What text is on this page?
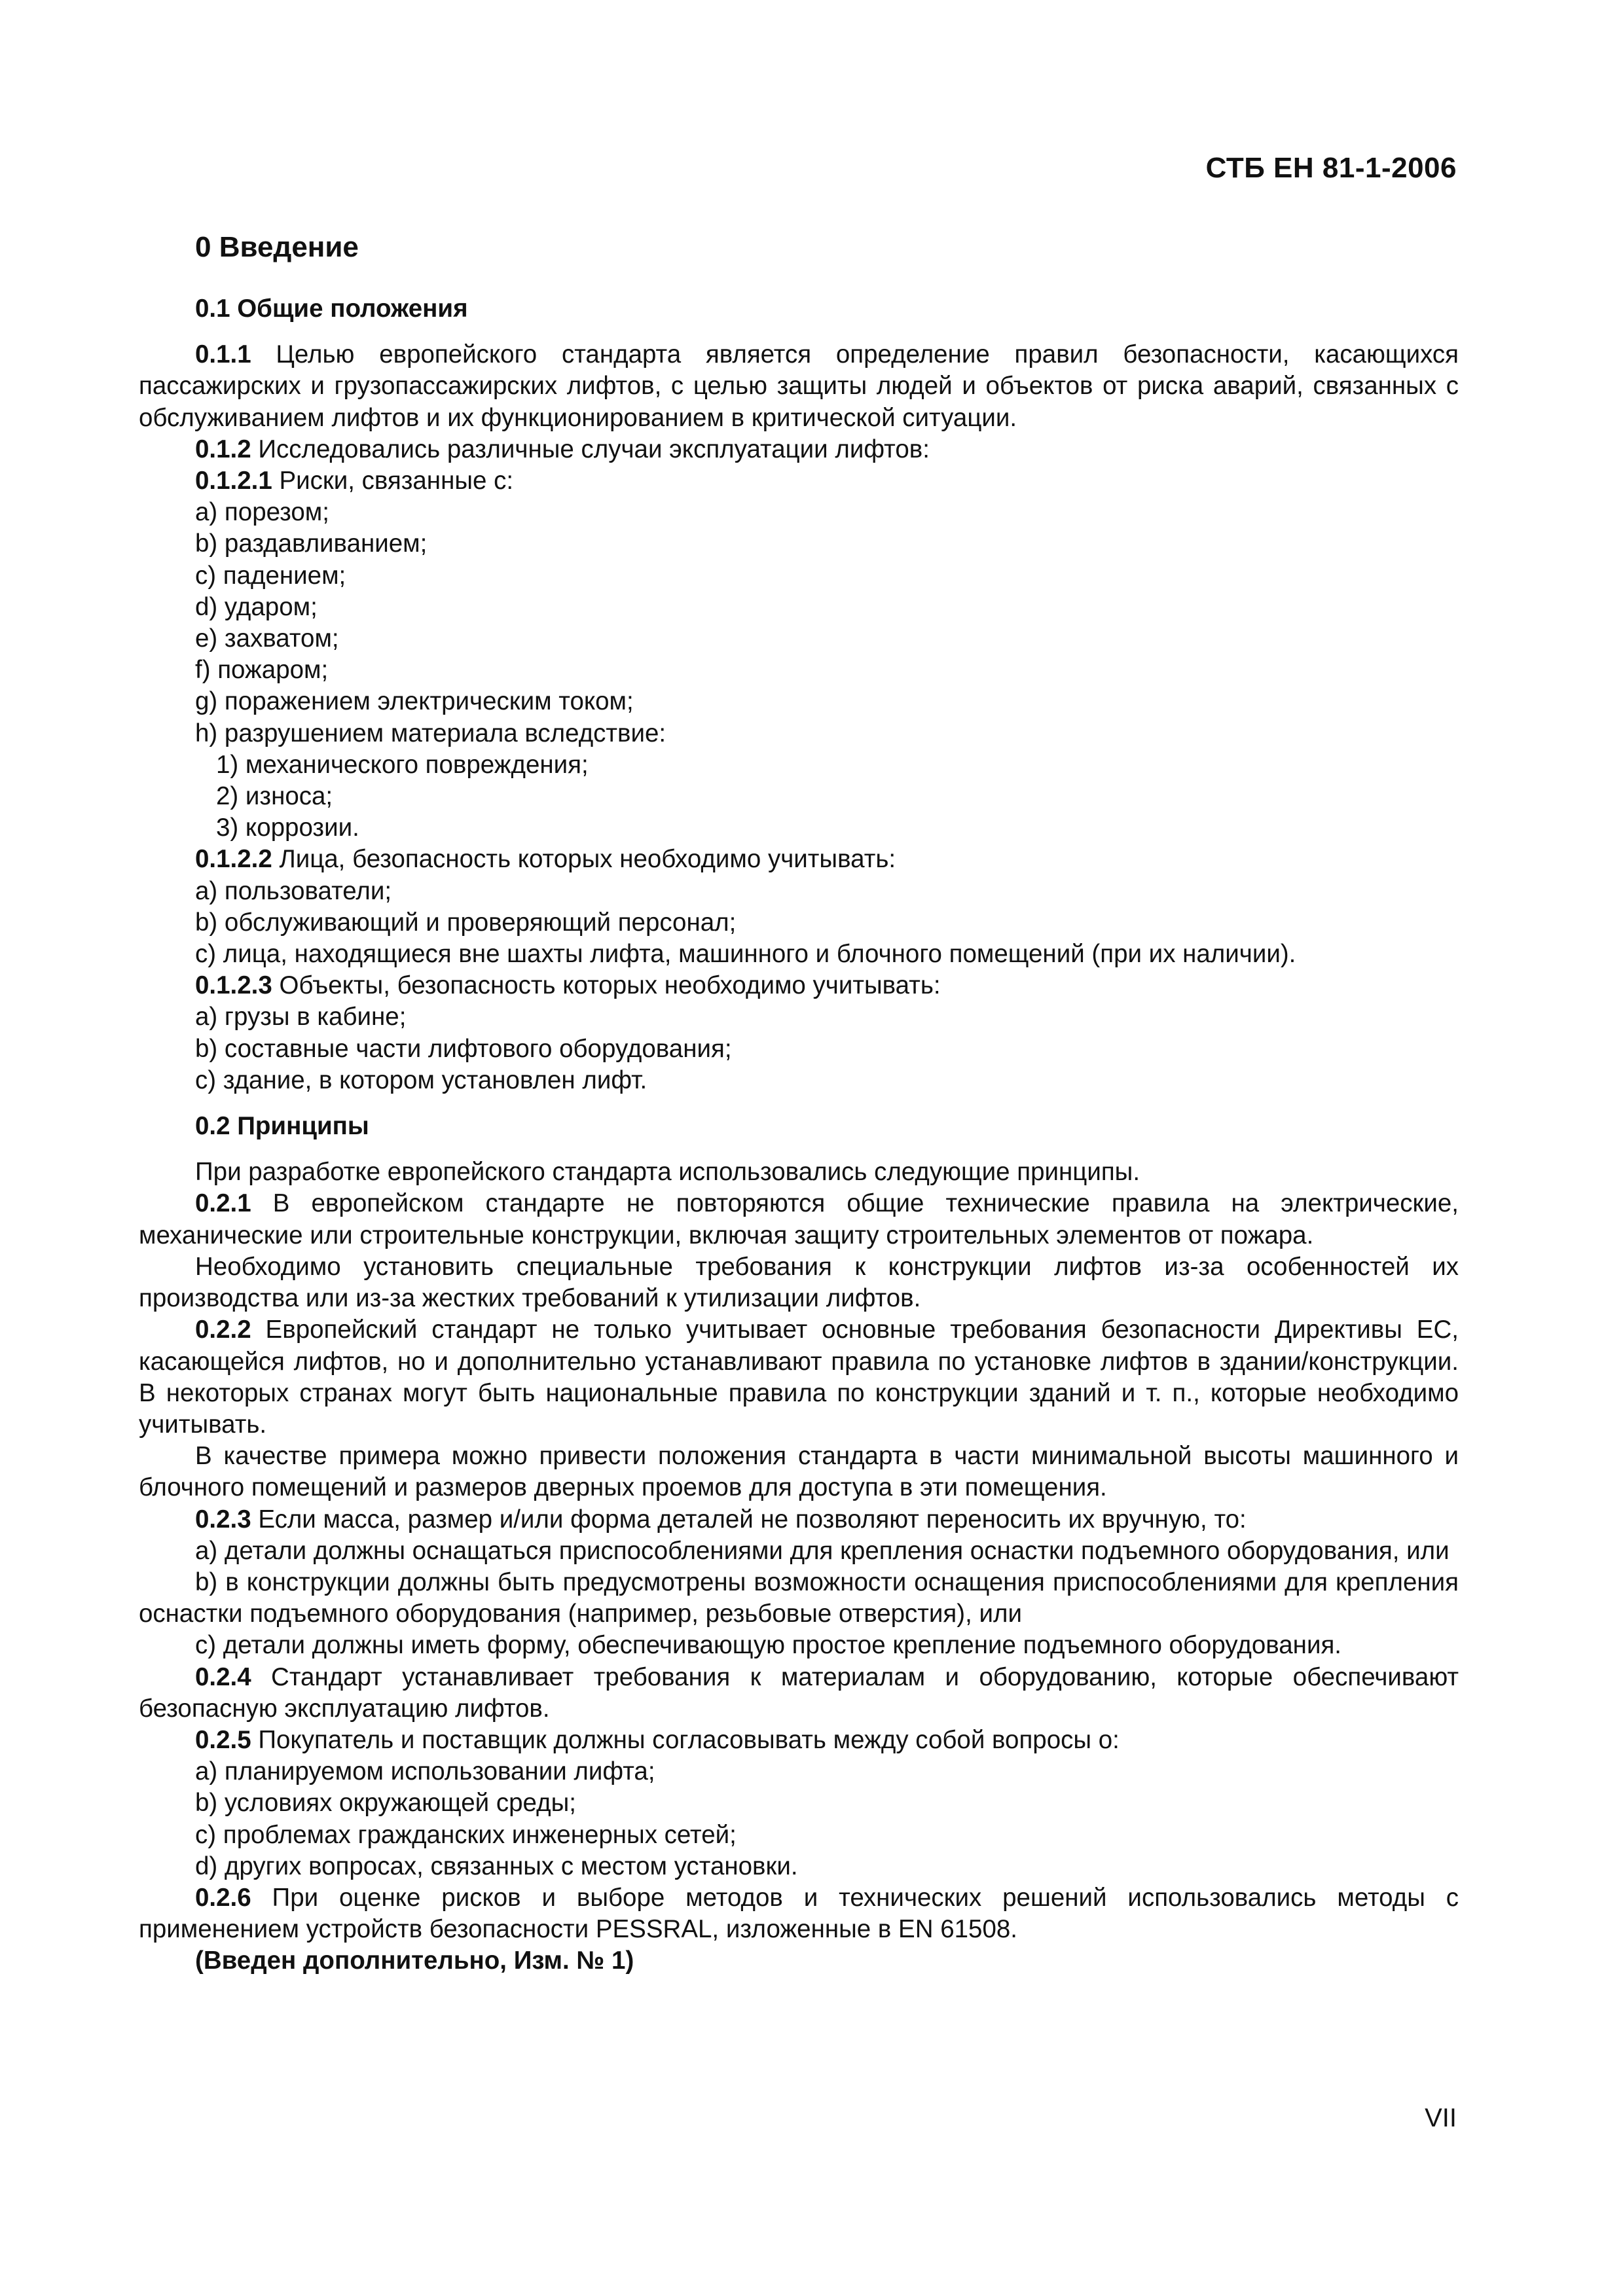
СТБ ЕН 81-1-2006
0 Введение
0.1 Общие положения

0.1.1 Целью европейского стандарта является определение правил безопасности, касающихся пассажирских и грузопассажирских лифтов, с целью защиты людей и объектов от риска аварий, связанных с обслуживанием лифтов и их функционированием в критической ситуации.

0.1.2 Исследовались различные случаи эксплуатации лифтов:

0.1.2.1 Риски, связанные с:

а) порезом;

b) раздавливанием;

с) падением;

d) ударом;

е) захватом;

f) пожаром;

g) поражением электрическим током;

h) разрушением материала вследствие:

1) механического повреждения;

2) износа;

3) коррозии.

0.1.2.2 Лица, безопасность которых необходимо учитывать:

а) пользователи;

b) обслуживающий и проверяющий персонал;

с) лица, находящиеся вне шахты лифта, машинного и блочного помещений (при их наличии).

0.1.2.3 Объекты, безопасность которых необходимо учитывать:

а) грузы в кабине;

b) составные части лифтового оборудования;

с) здание, в котором установлен лифт.

0.2 Принципы

При разработке европейского стандарта использовались следующие принципы.

0.2.1 В европейском стандарте не повторяются общие технические правила на электрические, механические или строительные конструкции, включая защиту строительных элементов от пожара.

Необходимо установить специальные требования к конструкции лифтов из-за особенностей их производства или из-за жестких требований к утилизации лифтов.

0.2.2 Европейский стандарт не только учитывает основные требования безопасности Директивы ЕС, касающейся лифтов, но и дополнительно устанавливают правила по установке лифтов в здании/конструкции. В некоторых странах могут быть национальные правила по конструкции зданий и т. п., которые необходимо учитывать.

В качестве примера можно привести положения стандарта в части минимальной высоты машинного и блочного помещений и размеров дверных проемов для доступа в эти помещения.

0.2.3 Если масса, размер и/или форма деталей не позволяют переносить их вручную, то:

а) детали должны оснащаться приспособлениями для крепления оснастки подъемного оборудования, или

b) в конструкции должны быть предусмотрены возможности оснащения приспособлениями для крепления оснастки подъемного оборудования (например, резьбовые отверстия), или

с) детали должны иметь форму, обеспечивающую простое крепление подъемного оборудования.

0.2.4 Стандарт устанавливает требования к материалам и оборудованию, которые обеспечивают безопасную эксплуатацию лифтов.

0.2.5 Покупатель и поставщик должны согласовывать между собой вопросы о:

а) планируемом использовании лифта;

b) условиях окружающей среды;

с) проблемах гражданских инженерных сетей;

d) других вопросах, связанных с местом установки.

0.2.6 При оценке рисков и выборе методов и технических решений использовались методы с применением устройств безопасности PESSRAL, изложенные в EN 61508.

(Введен дополнительно, Изм. № 1)

VII
